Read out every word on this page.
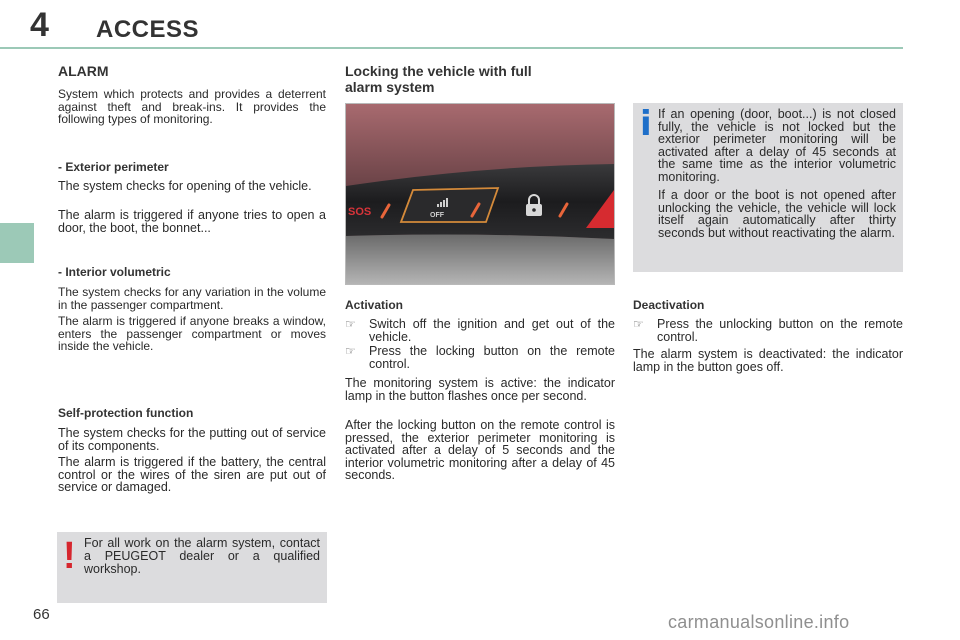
4 ACCESS
ALARM

System which protects and provides a deterrent against theft and break-ins. It provides the following types of monitoring.

- Exterior perimeter

The system checks for opening of the vehicle.

The alarm is triggered if anyone tries to open a door, the boot, the bonnet...

- Interior volumetric

The system checks for any variation in the volume in the passenger compartment.

The alarm is triggered if anyone breaks a window, enters the passenger compartment or moves inside the vehicle.

Self-protection function

The system checks for the putting out of service of its components.

The alarm is triggered if the battery, the central control or the wires of the siren are put out of service or damaged.

! For all work on the alarm system, contact a PEUGEOT dealer or a qualified workshop.
Locking the vehicle with full
alarm system
SOS	OFF
Activation
☞	Switch off the ignition and get out of the vehicle.
☞	Press the locking button on the remote control.

The monitoring system is active: the indicator lamp in the button flashes once per second.

After the locking button on the remote control is pressed, the exterior perimeter monitoring is activated after a delay of 5 seconds and the interior volumetric monitoring after a delay of 45 seconds.

i If an opening (door, boot...) is not closed fully, the vehicle is not locked but the exterior perimeter monitoring will be activated after a delay of 45 seconds at the same time as the interior volumetric monitoring.

If a door or the boot is not opened after unlocking the vehicle, the vehicle will lock itself again automatically after thirty seconds but without reactivating the alarm.

Deactivation
☞	Press the unlocking button on the remote control.

The alarm system is deactivated: the indicator lamp in the button goes off.

66	carmanualsonline.info
